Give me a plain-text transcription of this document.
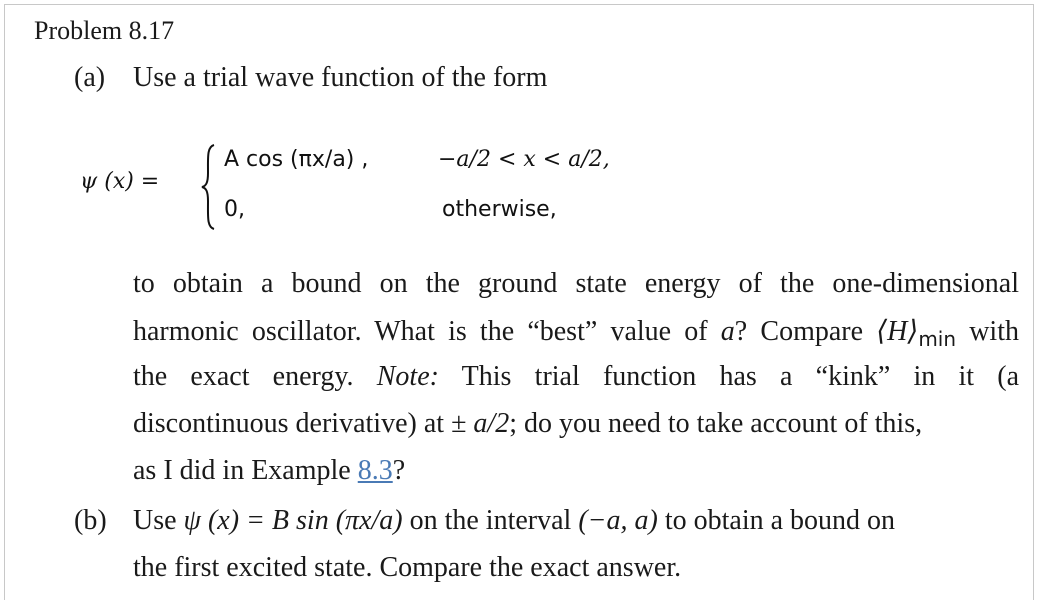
Problem 8.17
(a) Use a trial wave function of the form
ψ (x) =
A cos (πx/a) ,	−a/2 < x < a/2,
0,	otherwise,
to obtain a bound on the ground state energy of the one-dimensional
harmonic oscillator. What is the “best” value of a? Compare $⟨H⟩_{min}$ with
the exact energy. Note: This trial function has a “kink” in it (a
discontinuous derivative) at ± a/2; do you need to take account of this,
as I did in Example 8.3?
(b) Use ψ (x) = B sin (πx/a) on the interval (−a, a) to obtain a bound on
the first excited state. Compare the exact answer.
